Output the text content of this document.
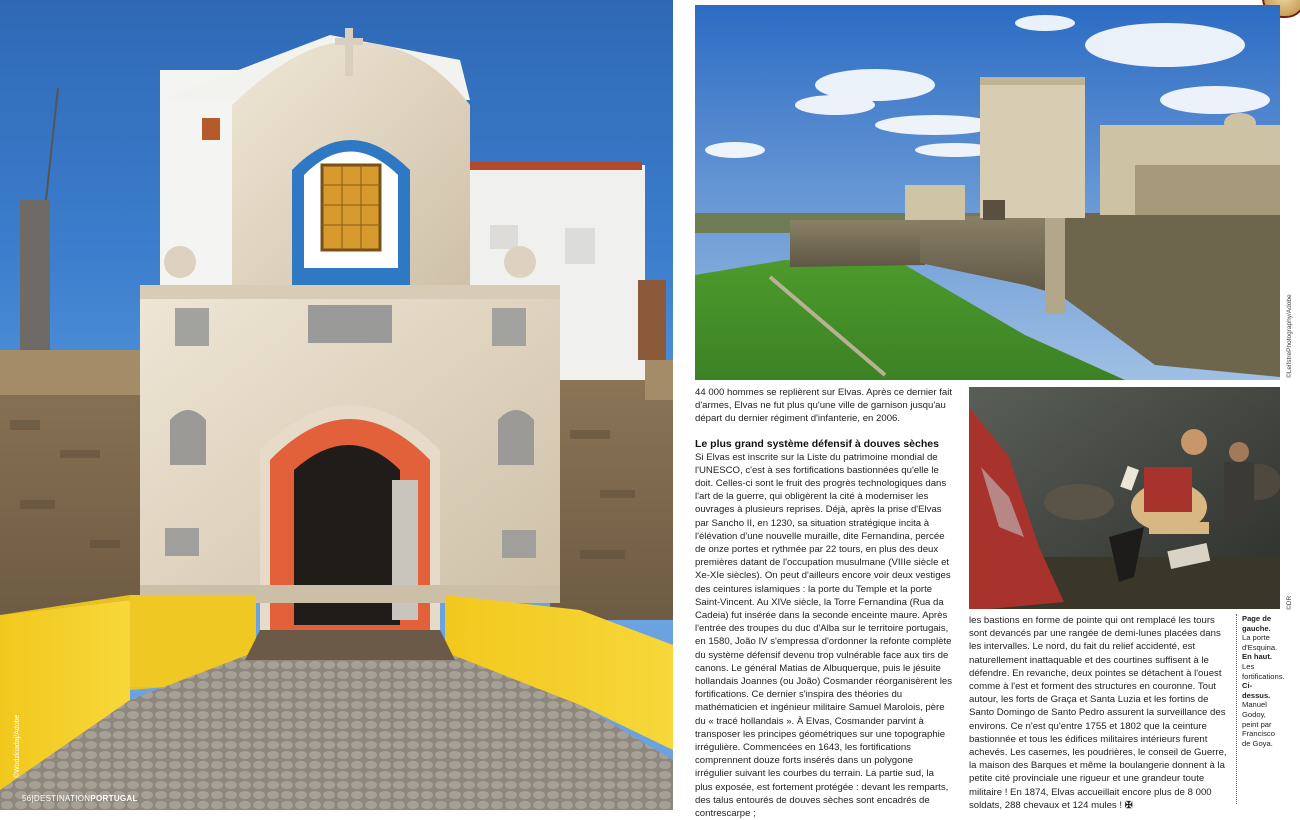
©Wodzkiadaj/Adobe
56|DESTINATIONPORTUGAL
©LeifstrePhotography/Adobe
©DR

44 000 hommes se replièrent sur Elvas. Après ce dernier fait d'armes, Elvas ne fut plus qu'une ville de garnison jusqu'au départ du dernier régiment d'infanterie, en 2006.

Le plus grand système défensif à douves sèches

Si Elvas est inscrite sur la Liste du patrimoine mondial de l'UNESCO, c'est à ses fortifications bastionnées qu'elle le doit. Celles-ci sont le fruit des progrès technologiques dans l'art de la guerre, qui obligèrent la cité à moderniser les ouvrages à plusieurs reprises. Déjà, après la prise d'Elvas par Sancho II, en 1230, sa situation stratégique incita à l'élévation d'une nouvelle muraille, dite Fernandina, percée de onze portes et rythmée par 22 tours, en plus des deux premières datant de l'occupation musulmane (VIIIe siècle et Xe-XIe siècles). On peut d'ailleurs encore voir deux vestiges des ceintures islamiques : la porte du Temple et la porte Saint-Vincent. Au XIVe siècle, la Torre Fernandina (Rua da Cadeia) fut insérée dans la seconde enceinte maure. Après l'entrée des troupes du duc d'Alba sur le territoire portugais, en 1580, João IV s'empressa d'ordonner la refonte complète du système défensif devenu trop vulnérable face aux tirs de canons. Le général Matias de Albuquerque, puis le jésuite hollandais Joannes (ou João) Cosmander réorganisèrent les fortifications. Ce dernier s'inspira des théories du mathématicien et ingénieur militaire Samuel Marolois, père du « tracé hollandais ». À Elvas, Cosmander parvint à transposer les principes géométriques sur une topographie irrégulière. Commencées en 1643, les fortifications comprennent douze forts insérés dans un polygone irrégulier suivant les courbes du terrain. La partie sud, la plus exposée, est fortement protégée : devant les remparts, des talus entourés de douves sèches sont encadrés de contrescarpe ;

les bastions en forme de pointe qui ont remplacé les tours sont devancés par une rangée de demi-lunes placées dans les intervalles. Le nord, du fait du relief accidenté, est naturellement inattaquable et des courtines suffisent à le défendre. En revanche, deux pointes se détachent à l'ouest comme à l'est et forment des structures en couronne. Tout autour, les forts de Graça et Santa Luzia et les fortins de Santo Domingo de Santo Pedro assurent la surveillance des environs. Ce n'est qu'entre 1755 et 1802 que la ceinture bastionnée et tous les édifices militaires intérieurs furent achevés. Les casernes, les poudrières, le conseil de Guerre, la maison des Barques et même la boulangerie donnent à la petite cité provinciale une rigueur et une grandeur toute militaire ! En 1874, Elvas accueillait encore plus de 8 000 soldats, 288 chevaux et 124 mules ! ✠

Page de gauche.
La porte d'Esquina.
En haut.
Les fortifications.
Ci-dessus.
Manuel Godoy, peint par Francisco de Goya.
